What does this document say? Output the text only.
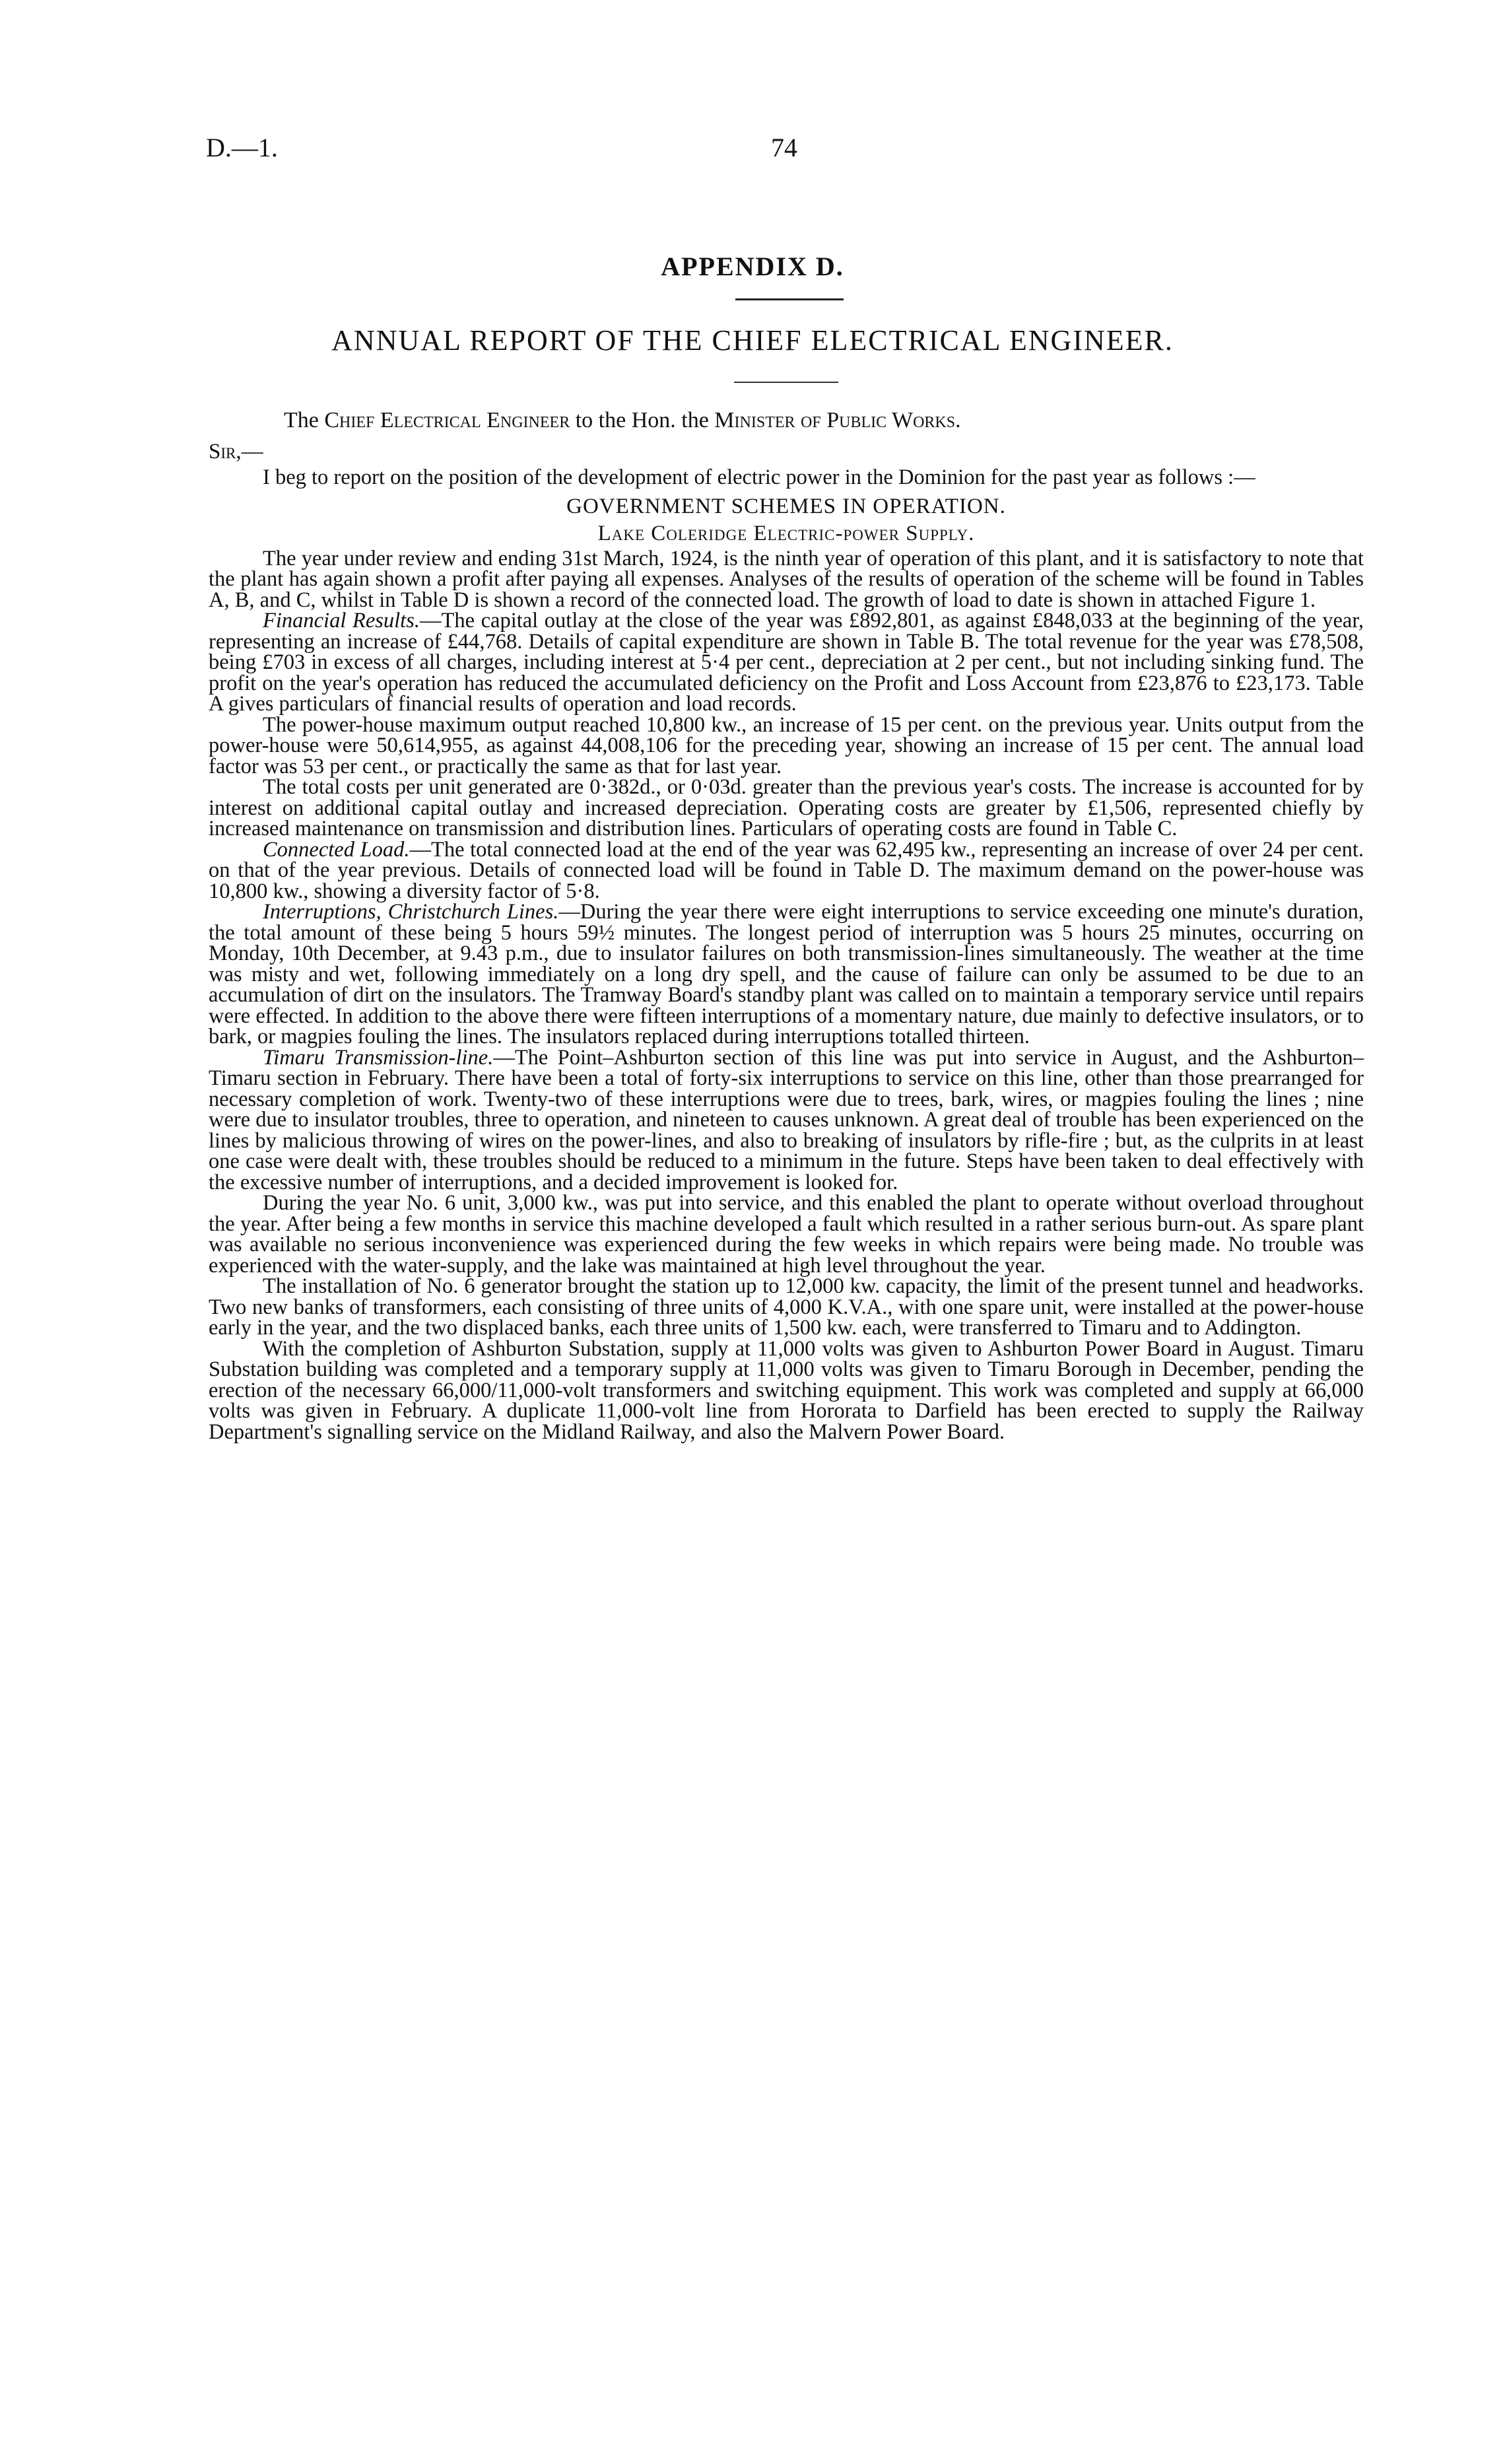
D.—1.	74
APPENDIX D.
ANNUAL REPORT OF THE CHIEF ELECTRICAL ENGINEER.
The Chief Electrical Engineer to the Hon. the Minister of Public Works.
Sir,—

I beg to report on the position of the development of electric power in the Dominion for the past year as follows :—

GOVERNMENT SCHEMES IN OPERATION.
Lake Coleridge Electric-power Supply.

The year under review and ending 31st March, 1924, is the ninth year of operation of this plant, and it is satisfactory to note that the plant has again shown a profit after paying all expenses. Analyses of the results of operation of the scheme will be found in Tables A, B, and C, whilst in Table D is shown a record of the connected load. The growth of load to date is shown in attached Figure 1.

Financial Results.—The capital outlay at the close of the year was £892,801, as against £848,033 at the beginning of the year, representing an increase of £44,768. Details of capital expenditure are shown in Table B. The total revenue for the year was £78,508, being £703 in excess of all charges, including interest at 5·4 per cent., depreciation at 2 per cent., but not including sinking fund. The profit on the year's operation has reduced the accumulated deficiency on the Profit and Loss Account from £23,876 to £23,173. Table A gives particulars of financial results of operation and load records.

The power-house maximum output reached 10,800 kw., an increase of 15 per cent. on the previous year. Units output from the power-house were 50,614,955, as against 44,008,106 for the preceding year, showing an increase of 15 per cent. The annual load factor was 53 per cent., or practically the same as that for last year.

The total costs per unit generated are 0·382d., or 0·03d. greater than the previous year's costs. The increase is accounted for by interest on additional capital outlay and increased depreciation. Operating costs are greater by £1,506, represented chiefly by increased maintenance on transmission and distribution lines. Particulars of operating costs are found in Table C.

Connected Load.—The total connected load at the end of the year was 62,495 kw., representing an increase of over 24 per cent. on that of the year previous. Details of connected load will be found in Table D. The maximum demand on the power-house was 10,800 kw., showing a diversity factor of 5·8.

Interruptions, Christchurch Lines.—During the year there were eight interruptions to service exceeding one minute's duration, the total amount of these being 5 hours 59½ minutes. The longest period of interruption was 5 hours 25 minutes, occurring on Monday, 10th December, at 9.43 p.m., due to insulator failures on both transmission-lines simultaneously. The weather at the time was misty and wet, following immediately on a long dry spell, and the cause of failure can only be assumed to be due to an accumulation of dirt on the insulators. The Tramway Board's standby plant was called on to maintain a temporary service until repairs were effected. In addition to the above there were fifteen interruptions of a momentary nature, due mainly to defective insulators, or to bark, or magpies fouling the lines. The insulators replaced during interruptions totalled thirteen.

Timaru Transmission-line.—The Point–Ashburton section of this line was put into service in August, and the Ashburton–Timaru section in February. There have been a total of forty-six interruptions to service on this line, other than those prearranged for necessary completion of work. Twenty-two of these interruptions were due to trees, bark, wires, or magpies fouling the lines ; nine were due to insulator troubles, three to operation, and nineteen to causes unknown. A great deal of trouble has been experienced on the lines by malicious throwing of wires on the power-lines, and also to breaking of insulators by rifle-fire ; but, as the culprits in at least one case were dealt with, these troubles should be reduced to a minimum in the future. Steps have been taken to deal effectively with the excessive number of interruptions, and a decided improvement is looked for.

During the year No. 6 unit, 3,000 kw., was put into service, and this enabled the plant to operate without overload throughout the year. After being a few months in service this machine developed a fault which resulted in a rather serious burn-out. As spare plant was available no serious inconvenience was experienced during the few weeks in which repairs were being made. No trouble was experienced with the water-supply, and the lake was maintained at high level throughout the year.

The installation of No. 6 generator brought the station up to 12,000 kw. capacity, the limit of the present tunnel and headworks. Two new banks of transformers, each consisting of three units of 4,000 K.V.A., with one spare unit, were installed at the power-house early in the year, and the two displaced banks, each three units of 1,500 kw. each, were transferred to Timaru and to Addington.

With the completion of Ashburton Substation, supply at 11,000 volts was given to Ashburton Power Board in August. Timaru Substation building was completed and a temporary supply at 11,000 volts was given to Timaru Borough in December, pending the erection of the necessary 66,000/11,000-volt transformers and switching equipment. This work was completed and supply at 66,000 volts was given in February. A duplicate 11,000-volt line from Hororata to Darfield has been erected to supply the Railway Department's signalling service on the Midland Railway, and also the Malvern Power Board.
